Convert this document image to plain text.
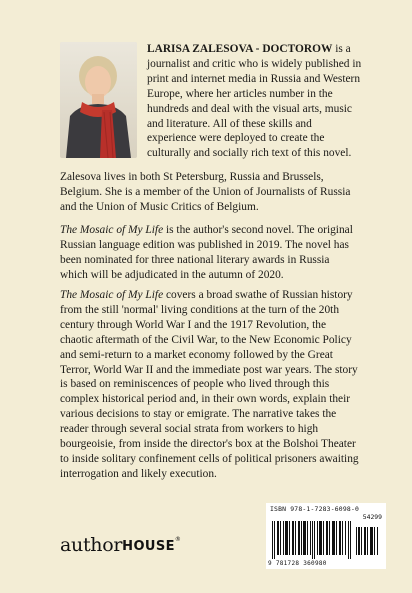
LARISA ZALESOVA - DOCTOROW is a journalist and critic who is widely published in print and internet media in Russia and Western Europe, where her articles number in the hundreds and deal with the visual arts, music and literature. All of these skills and experience were deployed to create the culturally and socially rich text of this novel.

Zalesova lives in both St Petersburg, Russia and Brussels, Belgium. She is a member of the Union of Journalists of Russia and the Union of Music Critics of Belgium.

The Mosaic of My Life is the author's second novel. The original Russian language edition was published in 2019. The novel has been nominated for three national literary awards in Russia which will be adjudicated in the autumn of 2020.

The Mosaic of My Life covers a broad swathe of Russian history from the still 'normal' living conditions at the turn of the 20th century through World War I and the 1917 Revolution, the chaotic aftermath of the Civil War, to the New Economic Policy and semi-return to a market economy followed by the Great Terror, World War II and the immediate post war years. The story is based on reminiscences of people who lived through this complex historical period and, in their own words, explain their various decisions to stay or emigrate. The narrative takes the reader through several social strata from workers to high bourgeoisie, from inside the director's box at the Bolshoi Theater to inside solitary confinement cells of political prisoners awaiting interrogation and likely execution.

ISBN 978-1-7283-6098-0
54299
9 781728 360980
authorHOUSE®
